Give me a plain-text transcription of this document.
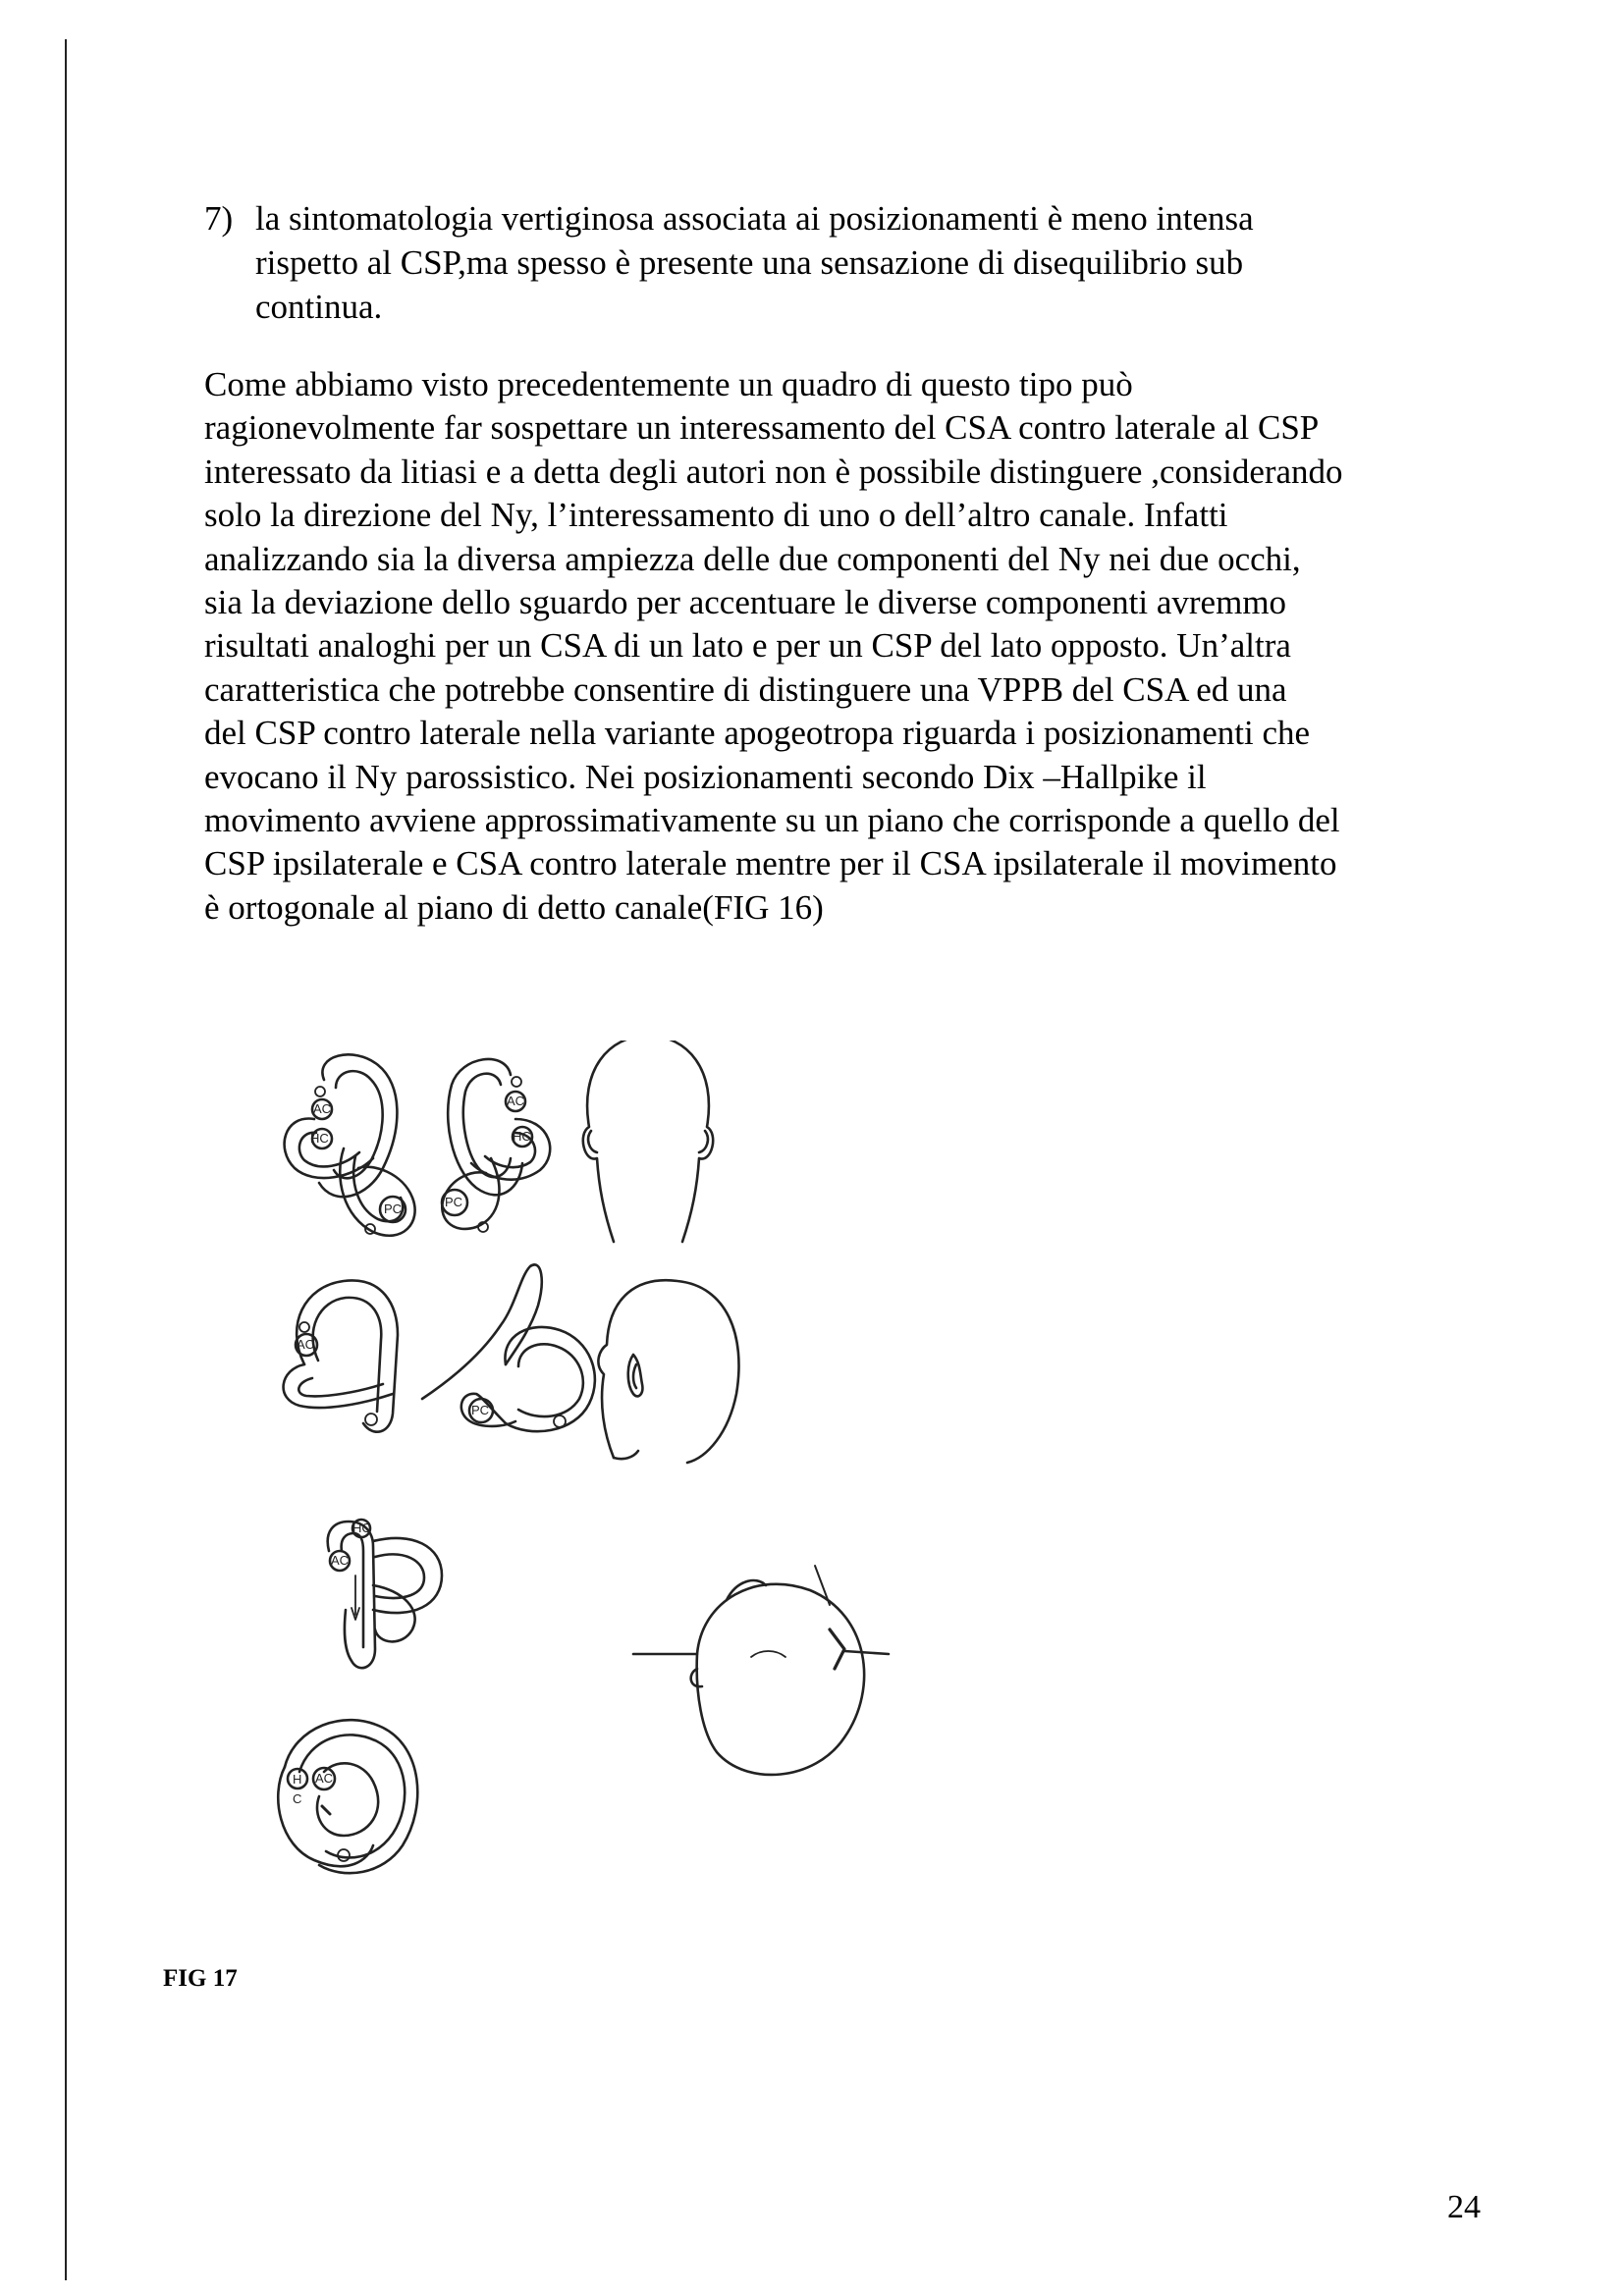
7) la sintomatologia vertiginosa associata ai posizionamenti è meno intensa
rispetto al CSP,ma spesso è presente una sensazione di disequilibrio sub
continua.

Come abbiamo visto precedentemente un quadro di questo tipo può

ragionevolmente far sospettare un interessamento del CSA contro laterale al CSP

interessato da litiasi e a detta degli autori non è possibile distinguere ,considerando

solo la direzione del Ny, l’interessamento di uno o dell’altro canale. Infatti

analizzando sia la diversa ampiezza delle due componenti del Ny nei due occhi,

sia la deviazione dello sguardo per accentuare le diverse componenti avremmo

risultati analoghi per un CSA di un lato e per un CSP del lato opposto. Un’altra

caratteristica che potrebbe consentire di distinguere una VPPB del CSA ed una

del CSP contro laterale nella variante apogeotropa riguarda i posizionamenti che

evocano il Ny parossistico. Nei posizionamenti secondo Dix –Hallpike il

movimento avviene approssimativamente su un piano che corrisponde a quello del

CSP ipsilaterale e CSA contro laterale mentre per il CSA ipsilaterale il movimento

è ortogonale al piano di detto canale(FIG 16)

AC
HC
PC
AC
HC
PC
AC
PC
AC
HC
H
C
AC
FIG 17
24
